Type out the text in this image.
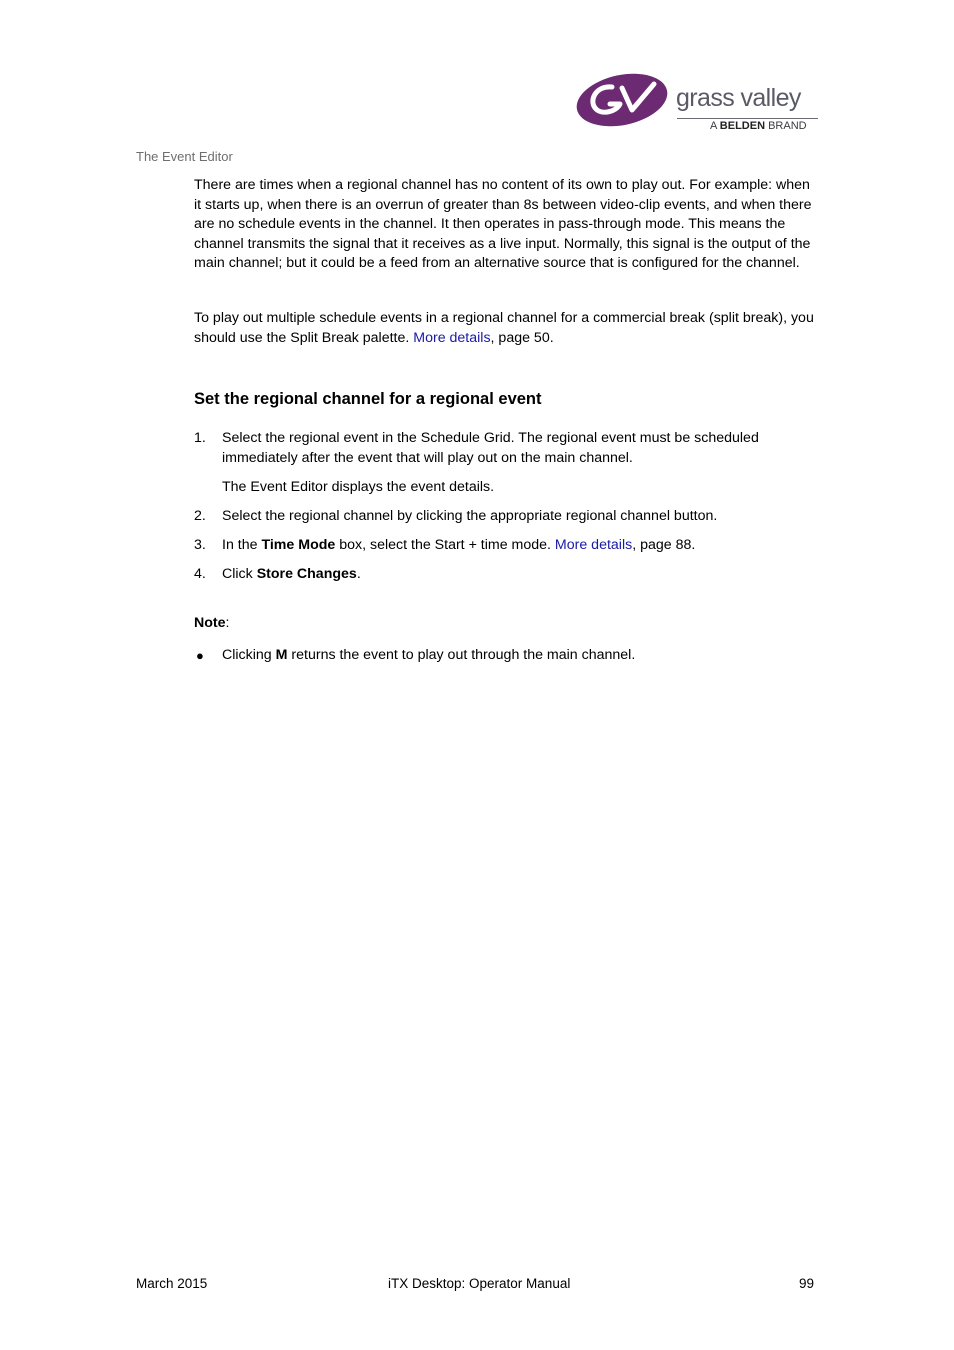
grass valley
A BELDEN BRAND
The Event Editor

There are times when a regional channel has no content of its own to play out. For example: when it starts up, when there is an overrun of greater than 8s between video-clip events, and when there are no schedule events in the channel. It then operates in pass-through mode. This means the channel transmits the signal that it receives as a live input. Normally, this signal is the output of the main channel; but it could be a feed from an alternative source that is configured for the channel.

To play out multiple schedule events in a regional channel for a commercial break (split break), you should use the Split Break palette. More details, page 50.

Set the regional channel for a regional event
1. Select the regional event in the Schedule Grid. The regional event must be scheduled immediately after the event that will play out on the main channel.

The Event Editor displays the event details.

2. Select the regional channel by clicking the appropriate regional channel button.

3. In the Time Mode box, select the Start + time mode. More details, page 88.

4. Click Store Changes.

Note:

● Clicking M returns the event to play out through the main channel.

March 2015	iTX Desktop: Operator Manual	99
